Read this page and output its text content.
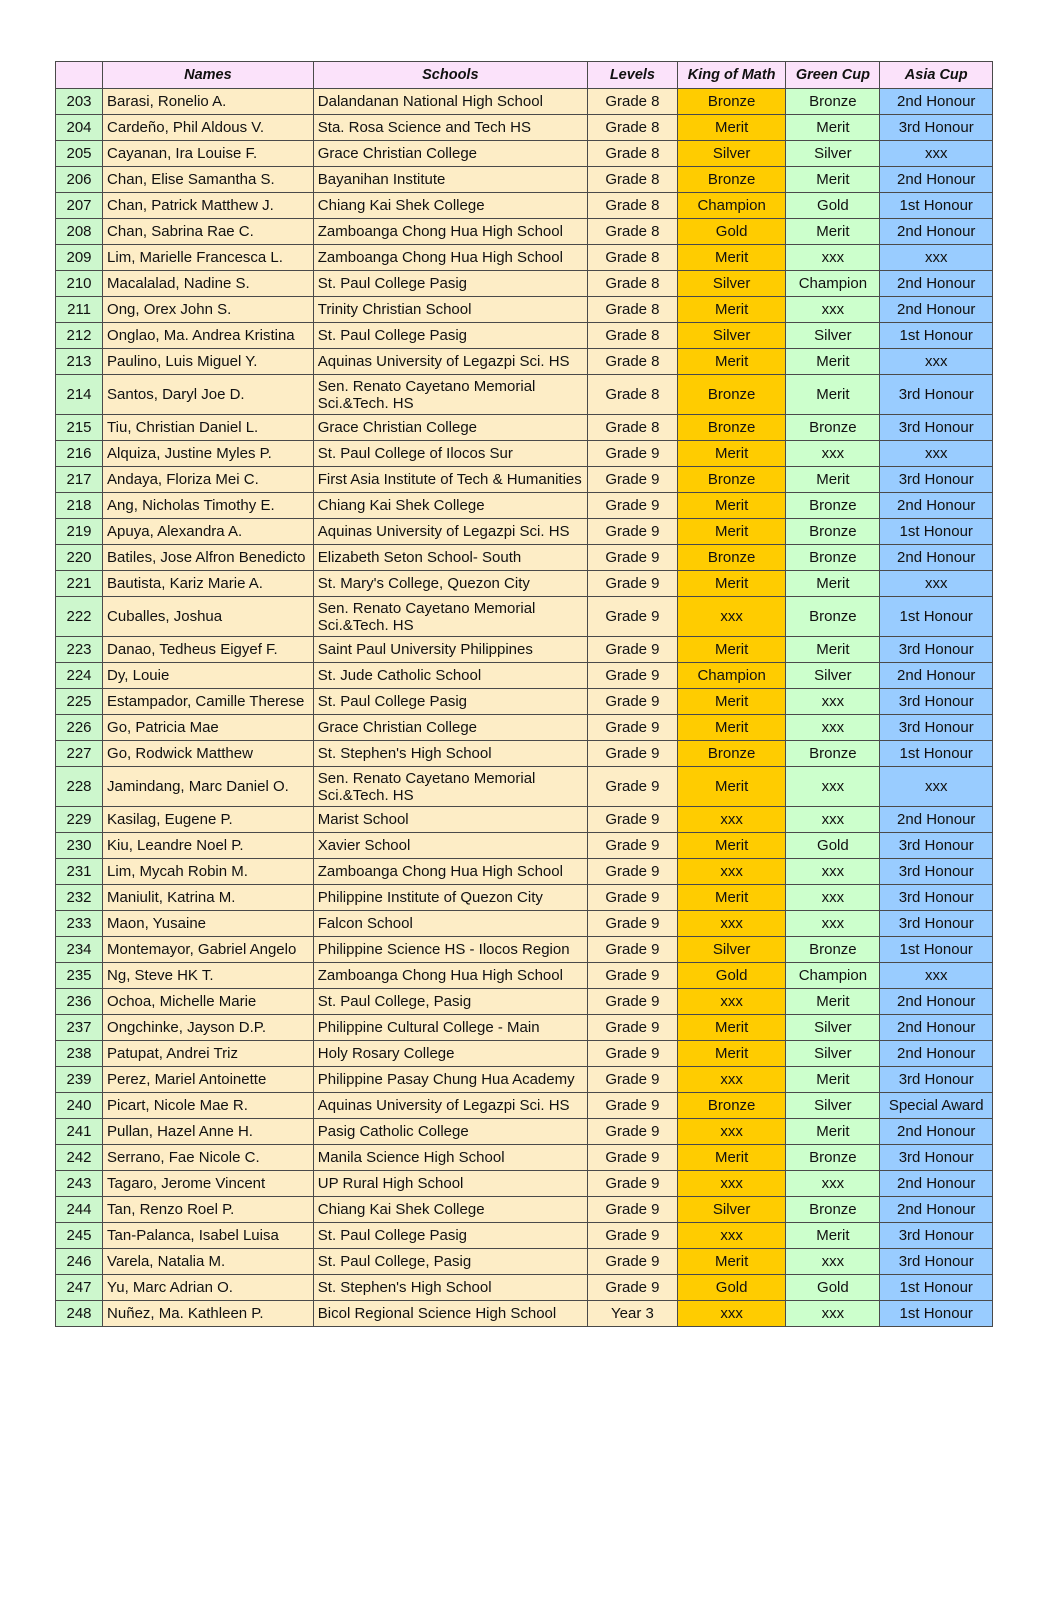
	Names	Schools	Levels	King of Math	Green Cup	Asia Cup
203	Barasi, Ronelio A.	Dalandanan National High School	Grade 8	Bronze	Bronze	2nd Honour
204	Cardeño, Phil Aldous V.	Sta. Rosa Science and Tech HS	Grade 8	Merit	Merit	3rd Honour
205	Cayanan, Ira Louise F.	Grace Christian College	Grade 8	Silver	Silver	xxx
206	Chan, Elise Samantha S.	Bayanihan Institute	Grade 8	Bronze	Merit	2nd Honour
207	Chan, Patrick Matthew J.	Chiang Kai Shek College	Grade 8	Champion	Gold	1st Honour
208	Chan, Sabrina Rae C.	Zamboanga Chong Hua High School	Grade 8	Gold	Merit	2nd Honour
209	Lim, Marielle Francesca L.	Zamboanga Chong Hua High School	Grade 8	Merit	xxx	xxx
210	Macalalad, Nadine S.	St. Paul College Pasig	Grade 8	Silver	Champion	2nd Honour
211	Ong, Orex John S.	Trinity Christian School	Grade 8	Merit	xxx	2nd Honour
212	Onglao, Ma. Andrea Kristina	St. Paul College Pasig	Grade 8	Silver	Silver	1st Honour
213	Paulino, Luis Miguel Y.	Aquinas University of Legazpi Sci. HS	Grade 8	Merit	Merit	xxx
214	Santos, Daryl Joe D.	Sen. Renato Cayetano Memorial Sci.&Tech. HS	Grade 8	Bronze	Merit	3rd Honour
215	Tiu, Christian Daniel L.	Grace Christian College	Grade 8	Bronze	Bronze	3rd Honour
216	Alquiza, Justine Myles P.	St. Paul College of Ilocos Sur	Grade 9	Merit	xxx	xxx
217	Andaya, Floriza Mei C.	First Asia Institute of Tech & Humanities	Grade 9	Bronze	Merit	3rd Honour
218	Ang, Nicholas Timothy E.	Chiang Kai Shek College	Grade 9	Merit	Bronze	2nd Honour
219	Apuya, Alexandra A.	Aquinas University of Legazpi Sci. HS	Grade 9	Merit	Bronze	1st Honour
220	Batiles, Jose Alfron Benedicto	Elizabeth Seton School- South	Grade 9	Bronze	Bronze	2nd Honour
221	Bautista, Kariz Marie A.	St. Mary's College, Quezon City	Grade 9	Merit	Merit	xxx
222	Cuballes, Joshua	Sen. Renato Cayetano Memorial Sci.&Tech. HS	Grade 9	xxx	Bronze	1st Honour
223	Danao, Tedheus Eigyef F.	Saint Paul University Philippines	Grade 9	Merit	Merit	3rd Honour
224	Dy, Louie	St. Jude Catholic School	Grade 9	Champion	Silver	2nd Honour
225	Estampador, Camille Therese	St. Paul College Pasig	Grade 9	Merit	xxx	3rd Honour
226	Go, Patricia Mae	Grace Christian College	Grade 9	Merit	xxx	3rd Honour
227	Go, Rodwick Matthew	St. Stephen's High School	Grade 9	Bronze	Bronze	1st Honour
228	Jamindang, Marc Daniel O.	Sen. Renato Cayetano Memorial Sci.&Tech. HS	Grade 9	Merit	xxx	xxx
229	Kasilag, Eugene P.	Marist School	Grade 9	xxx	xxx	2nd Honour
230	Kiu, Leandre Noel P.	Xavier School	Grade 9	Merit	Gold	3rd Honour
231	Lim, Mycah Robin M.	Zamboanga Chong Hua High School	Grade 9	xxx	xxx	3rd Honour
232	Maniulit, Katrina M.	Philippine Institute of Quezon City	Grade 9	Merit	xxx	3rd Honour
233	Maon, Yusaine	Falcon School	Grade 9	xxx	xxx	3rd Honour
234	Montemayor, Gabriel Angelo	Philippine Science HS - Ilocos Region	Grade 9	Silver	Bronze	1st Honour
235	Ng, Steve HK T.	Zamboanga Chong Hua High School	Grade 9	Gold	Champion	xxx
236	Ochoa, Michelle Marie	St. Paul College, Pasig	Grade 9	xxx	Merit	2nd Honour
237	Ongchinke, Jayson D.P.	Philippine Cultural College - Main	Grade 9	Merit	Silver	2nd Honour
238	Patupat, Andrei Triz	Holy Rosary College	Grade 9	Merit	Silver	2nd Honour
239	Perez, Mariel Antoinette	Philippine Pasay Chung Hua Academy	Grade 9	xxx	Merit	3rd Honour
240	Picart, Nicole Mae R.	Aquinas University of Legazpi Sci. HS	Grade 9	Bronze	Silver	Special Award
241	Pullan, Hazel Anne H.	Pasig Catholic College	Grade 9	xxx	Merit	2nd Honour
242	Serrano, Fae Nicole C.	Manila Science High School	Grade 9	Merit	Bronze	3rd Honour
243	Tagaro, Jerome Vincent	UP Rural High School	Grade 9	xxx	xxx	2nd Honour
244	Tan, Renzo Roel P.	Chiang Kai Shek College	Grade 9	Silver	Bronze	2nd Honour
245	Tan-Palanca, Isabel Luisa	St. Paul College Pasig	Grade 9	xxx	Merit	3rd Honour
246	Varela, Natalia M.	St. Paul College, Pasig	Grade 9	Merit	xxx	3rd Honour
247	Yu, Marc Adrian O.	St. Stephen's High School	Grade 9	Gold	Gold	1st Honour
248	Nuñez, Ma. Kathleen P.	Bicol Regional Science High School	Year 3	xxx	xxx	1st Honour
